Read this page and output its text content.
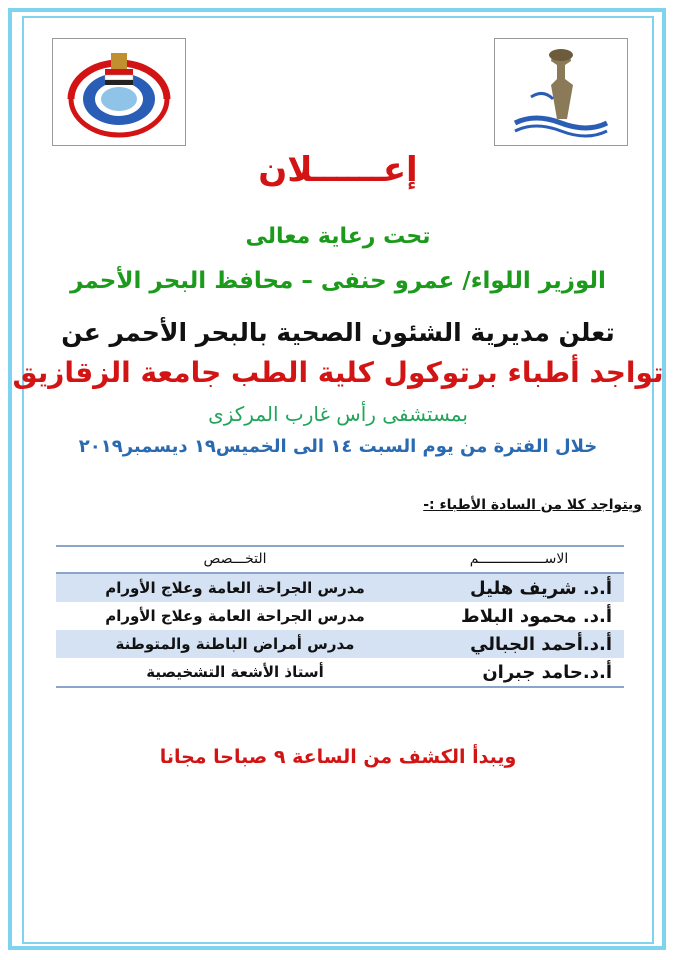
إعــــــلان
تحت رعاية معالى
الوزير اللواء/ عمرو حنفى – محافظ البحر الأحمر
تعلن مديرية الشئون الصحية بالبحر الأحمر عن
تواجد أطباء برتوكول كلية الطب جامعة الزقازيق
بمستشفى رأس غارب المركزى
خلال الفترة من يوم السبت ١٤ الى الخميس١٩ ديسمبر٢٠١٩
ويتواجد كلا من السادة الأطباء :-
الاســــــــــــــــم
التخـــصص
أ.د. شريف هليل
مدرس الجراحة العامة وعلاج الأورام
أ.د. محمود البلاط
مدرس الجراحة العامة وعلاج الأورام
أ.د.أحمد الجبالي
مدرس أمراض الباطنة والمتوطنة
أ.د.حامد جبران
أستاذ الأشعة التشخيصية
ويبدأ الكشف من الساعة ٩ صباحا مجانا
